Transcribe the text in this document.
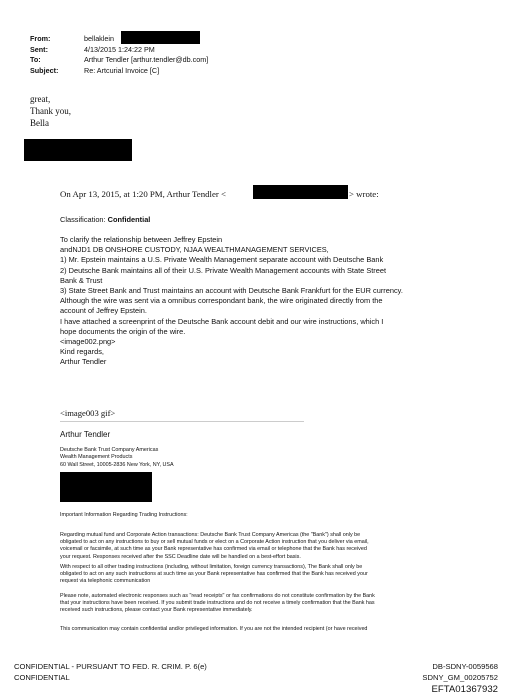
From:	bellaklein
Sent:	4/13/2015 1:24:22 PM
To:	Arthur Tendler [arthur.tendler@db.com]
Subject:	Re: Artcurial Invoice [C]
great,
Thank you,
Bella
On Apr 13, 2015, at 1:20 PM, Arthur Tendler <	> wrote:
Classification: Confidential
To clarify the relationship between Jeffrey Epstein
andNJD1 DB ONSHORE CUSTODY, NJAA WEALTHMANAGEMENT SERVICES,
1) Mr. Epstein maintains a U.S. Private Wealth Management separate account with Deutsche Bank
2) Deutsche Bank maintains all of their U.S. Private Wealth Management accounts with State Street
Bank & Trust
3) State Street Bank and Trust maintains an account with Deutsche Bank Frankfurt for the EUR currency.
Although the wire was sent via a omnibus correspondant bank, the wire originated directly from the
account of Jeffrey Epstein.
I have attached a screenprint of the Deutsche Bank account debit and our wire instructions, which I
hope documents the origin of the wire.
<image002.png>
Kind regards,
Arthur Tendler
<image003 gif>
Arthur Tendler
Deutsche Bank Trust Company Americas
Wealth Management Products
60 Wall Street, 10005-2836 New York, NY, USA
Important Information Regarding Trading Instructions:
Regarding mutual fund and Corporate Action transactions: Deutsche Bank Trust Company Americas (the "Bank") shall only be
obligated to act on any instructions to buy or sell mutual funds or elect on a Corporate Action instruction that you deliver via email,
voicemail or facsimile, at such time as your Bank representative has confirmed via email or telephone that the Bank has received
your request. Responses received after the SSC Deadline date will be handled on a best-effort basis.
With respect to all other trading instructions (including, without limitation, foreign currency transactions), The Bank shall only be
obligated to act on any such instructions at such time as your Bank representative has confirmed that the Bank has received your
request via telephonic communication
Please note, automated electronic responses such as "read receipts" or fax confirmations do not constitute confirmation by the Bank
that your instructions have been received. If you submit trade instructions and do not receive a timely confirmation that the Bank has
received such instructions, please contact your Bank representative immediately.
This communication may contain confidential and/or privileged information. If you are not the intended recipient (or have received
CONFIDENTIAL - PURSUANT TO FED. R. CRIM. P. 6(e)
CONFIDENTIAL
DB-SDNY-0059568
SDNY_GM_00205752
EFTA01367932
